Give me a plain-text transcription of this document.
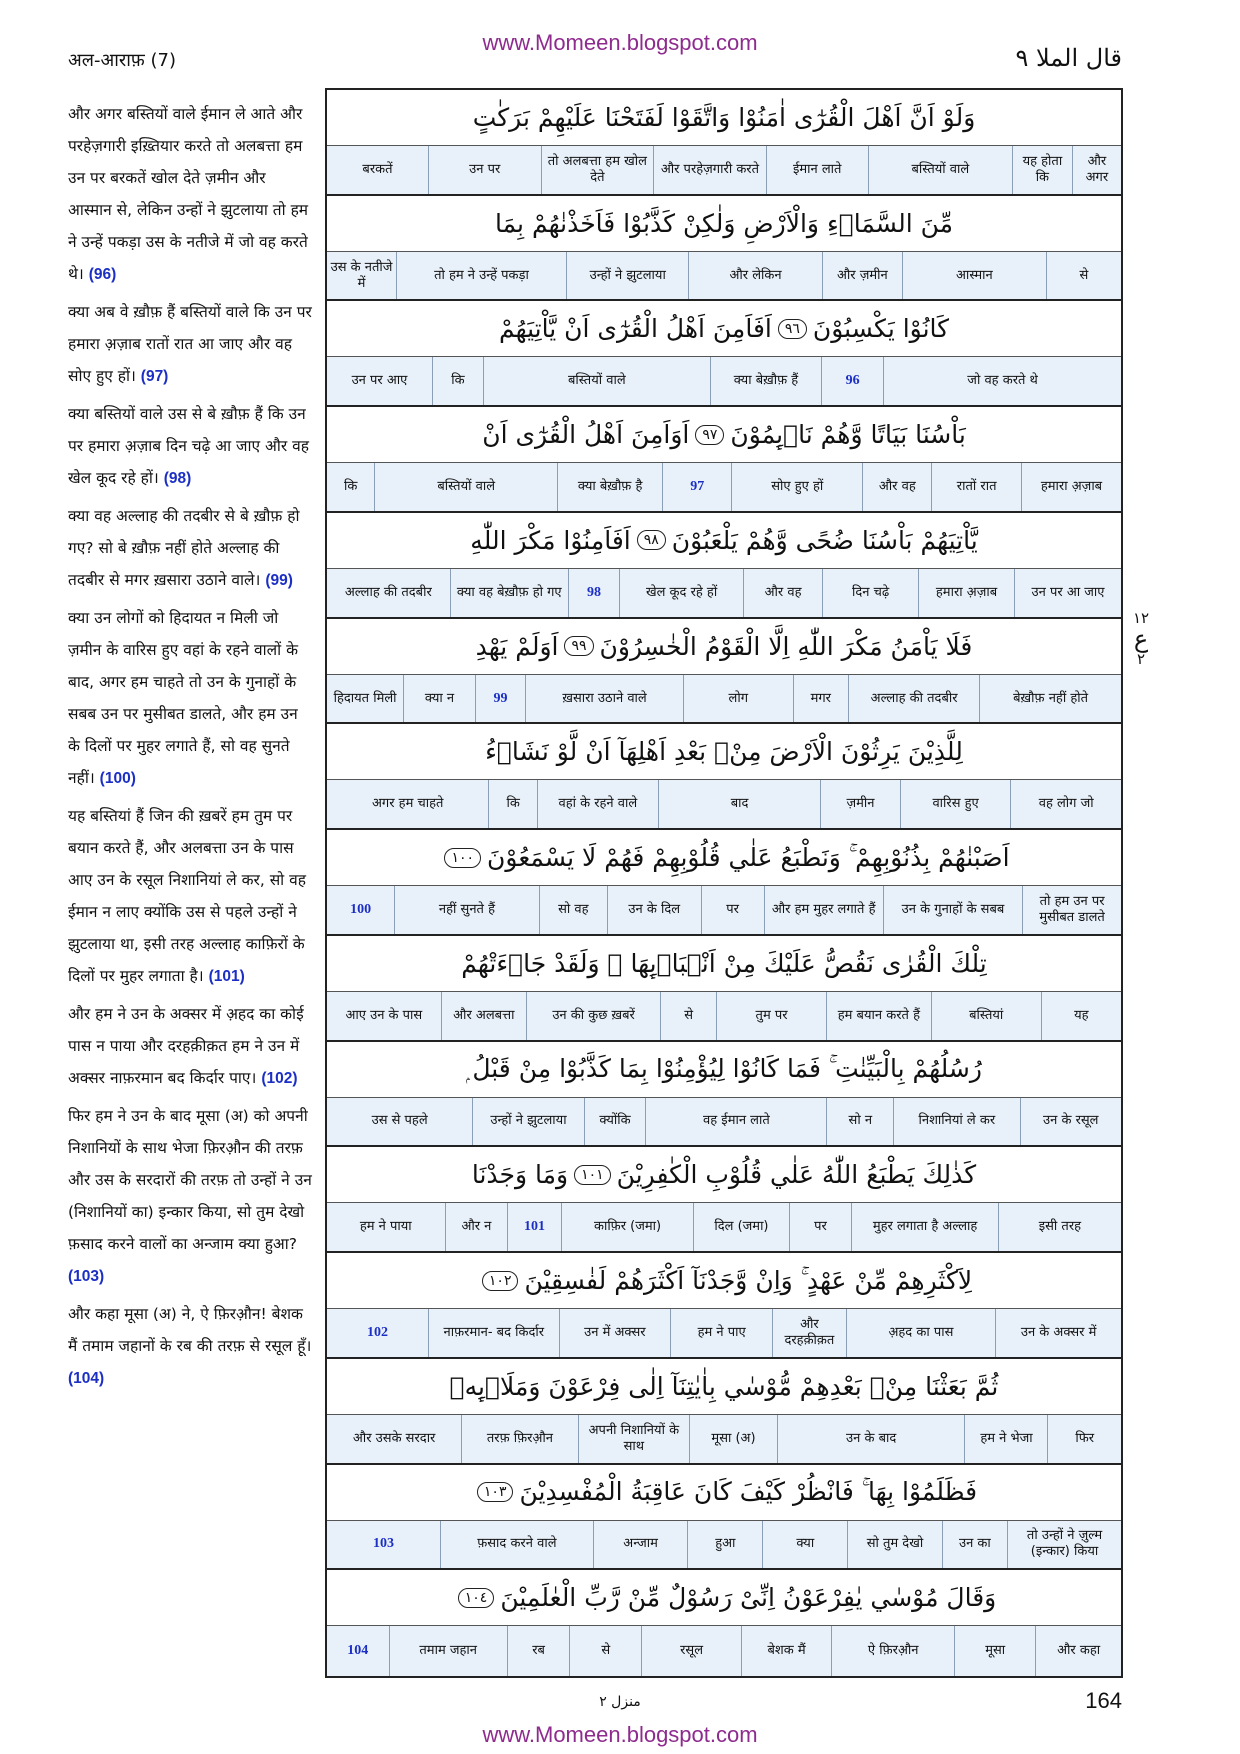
www.Momeen.blogspot.com
अल-आराफ़ (7)	قال الملا ٩

और अगर बस्तियों वाले ईमान ले आते और परहेज़गारी इख़्तियार करते तो अलबत्ता हम उन पर बरकतें खोल देते ज़मीन और आस्मान से, लेकिन उन्हों ने झुटलाया तो हम ने उन्हें पकड़ा उस के नतीजे में जो वह करते थे। (96)

क्या अब वे ख़ौफ़ हैं बस्तियों वाले कि उन पर हमारा अ़ज़ाब रातों रात आ जाए और वह सोए हुए हों। (97)

क्या बस्तियों वाले उस से बे ख़ौफ़ हैं कि उन पर हमारा अ़ज़ाब दिन चढ़े आ जाए और वह खेल कूद रहे हों। (98)

क्या वह अल्लाह की तदबीर से बे ख़ौफ़ हो गए? सो बे ख़ौफ़ नहीं होते अल्लाह की तदबीर से मगर ख़सारा उठाने वाले। (99)

क्या उन लोगों को हिदायत न मिली जो ज़मीन के वारिस हुए वहां के रहने वालों के बाद, अगर हम चाहते तो उन के गुनाहों के सबब उन पर मुसीबत डालते, और हम उन के दिलों पर मुहर लगाते हैं, सो वह सुनते नहीं। (100)

यह बस्तियां हैं जिन की ख़बरें हम तुम पर बयान करते हैं, और अलबत्ता उन के पास आए उन के रसूल निशानियां ले कर, सो वह ईमान न लाए क्योंकि उस से पहले उन्हों ने झुटलाया था, इसी तरह अल्लाह काफ़िरों के दिलों पर मुहर लगाता है। (101)

और हम ने उन के अक्सर में अ़हद का कोई पास न पाया और दरहक़ीक़त हम ने उन में अक्सर नाफ़रमान बद किर्दार पाए। (102)

फिर हम ने उन के बाद मूसा (अ) को अपनी निशानियों के साथ भेजा फ़िरऔ़न की तरफ़ और उस के सरदारों की तरफ़ तो उन्हों ने उन (निशानियों का) इन्कार किया, सो तुम देखो फ़साद करने वालों का अन्जाम क्या हुआ? (103)

और कहा मूसा (अ) ने, ऐ फ़िरऔ़न! बेशक मैं तमाम जहानों के रब की तरफ़ से रसूल हूँ। (104)

وَلَوْ اَنَّ اَهْلَ الْقُرٰٓى اٰمَنُوْا وَاتَّقَوْا لَفَتَحْنَا عَلَيْهِمْ بَرَكٰتٍ
और अगर
यह होता कि
बस्तियों वाले
ईमान लाते
और परहेज़गारी करते
तो अलबत्ता हम खोल देते
उन पर
बरकतें
مِّنَ السَّمَاۗءِ وَالْاَرْضِ وَلٰكِنْ كَذَّبُوْا فَاَخَذْنٰهُمْ بِمَا
से
आस्मान
और ज़मीन
और लेकिन
उन्हों ने झुटलाया
तो हम ने उन्हें पकड़ा
उस के नतीजे में
كَانُوْا يَكْسِبُوْنَ
٩٦
اَفَاَمِنَ اَهْلُ الْقُرٰٓى اَنْ يَّاْتِيَهُمْ
जो वह करते थे
96
क्या बेख़ौफ़ हैं
बस्तियों वाले
कि
उन पर आए
بَاْسُنَا بَيَاتًا وَّهُمْ نَاۗىِٕمُوْنَ
٩٧
اَوَاَمِنَ اَهْلُ الْقُرٰٓى اَنْ
हमारा अ़ज़ाब
रातों रात
और वह
सोए हुए हों
97
क्या बेख़ौफ़ है
बस्तियों वाले
कि
يَّاْتِيَهُمْ بَاْسُنَا ضُحًى وَّهُمْ يَلْعَبُوْنَ
٩٨
اَفَاَمِنُوْا مَكْرَ اللّٰهِ
उन पर आ जाए
हमारा अ़ज़ाब
दिन चढ़े
और वह
खेल कूद रहे हों
98
क्या वह बेख़ौफ़ हो गए
अल्लाह की तदबीर
فَلَا يَاْمَنُ مَكْرَ اللّٰهِ اِلَّا الْقَوْمُ الْخٰسِرُوْنَ
٩٩
اَوَلَمْ يَهْدِ
बेख़ौफ़ नहीं होते
अल्लाह की तदबीर
मगर
लोग
ख़सारा उठाने वाले
99
क्या न
हिदायत मिली
لِلَّذِيْنَ يَرِثُوْنَ الْاَرْضَ مِنْۢ بَعْدِ اَهْلِهَآ اَنْ لَّوْ نَشَاۗءُ
वह लोग जो
वारिस हुए
ज़मीन
बाद
वहां के रहने वाले
कि
अगर हम चाहते
اَصَبْنٰهُمْ بِذُنُوْبِهِمْ ۚ وَنَطْبَعُ عَلٰي قُلُوْبِهِمْ فَهُمْ لَا يَسْمَعُوْنَ
١٠٠
तो हम उन पर मुसीबत डालते
उन के गुनाहों के सबब
और हम मुहर लगाते हैं
पर
उन के दिल
सो वह
नहीं सुनते हैं
100
تِلْكَ الْقُرٰى نَقُصُّ عَلَيْكَ مِنْ اَنْۢبَاۗىِٕهَا ۚ وَلَقَدْ جَاۗءَتْهُمْ
यह
बस्तियां
हम बयान करते हैं
तुम पर
से
उन की कुछ ख़बरें
और अलबत्ता
आए उन के पास
رُسُلُهُمْ بِالْبَيِّنٰتِ ۚ فَمَا كَانُوْا لِيُؤْمِنُوْا بِمَا كَذَّبُوْا مِنْ قَبْلُ ۭ
उन के रसूल
निशानियां ले कर
सो न
वह ईमान लाते
क्योंकि
उन्हों ने झुटलाया
उस से पहले
كَذٰلِكَ يَطْبَعُ اللّٰهُ عَلٰي قُلُوْبِ الْكٰفِرِيْنَ
١٠١
وَمَا وَجَدْنَا
इसी तरह
मुहर लगाता है अल्लाह
पर
दिल (जमा)
काफ़िर (जमा)
101
और न
हम ने पाया
لِاَكْثَرِهِمْ مِّنْ عَهْدٍ ۚ وَاِنْ وَّجَدْنَآ اَكْثَرَهُمْ لَفٰسِقِيْنَ
١٠٢
उन के अक्सर में
अ़हद का पास
और दरहक़ीक़त
हम ने पाए
उन में अक्सर
नाफ़रमान- बद किर्दार
102
ثُمَّ بَعَثْنَا مِنْۢ بَعْدِهِمْ مُّوْسٰي بِاٰيٰتِنَآ اِلٰى فِرْعَوْنَ وَمَلَا۟ىِٕهٖ
फिर
हम ने भेजा
उन के बाद
मूसा (अ)
अपनी निशानियों के साथ
तरफ़ फ़िरऔ़न
और उसके सरदार
فَظَلَمُوْا بِهَا ۚ فَانْظُرْ كَيْفَ كَانَ عَاقِبَةُ الْمُفْسِدِيْنَ
١٠٣
तो उन्हों ने ज़ुल्म (इन्कार) किया
उन का
सो तुम देखो
क्या
हुआ
अन्जाम
फ़साद करने वाले
103
وَقَالَ مُوْسٰي يٰفِرْعَوْنُ اِنِّىْ رَسُوْلٌ مِّنْ رَّبِّ الْعٰلَمِيْنَ
١٠٤
और कहा
मूसा
ऐ फ़िरऔ़न
बेशक मैं
रसूल
से
रब
तमाम जहान
104
١٢
ع
٢
منزل ٢	164
www.Momeen.blogspot.com
